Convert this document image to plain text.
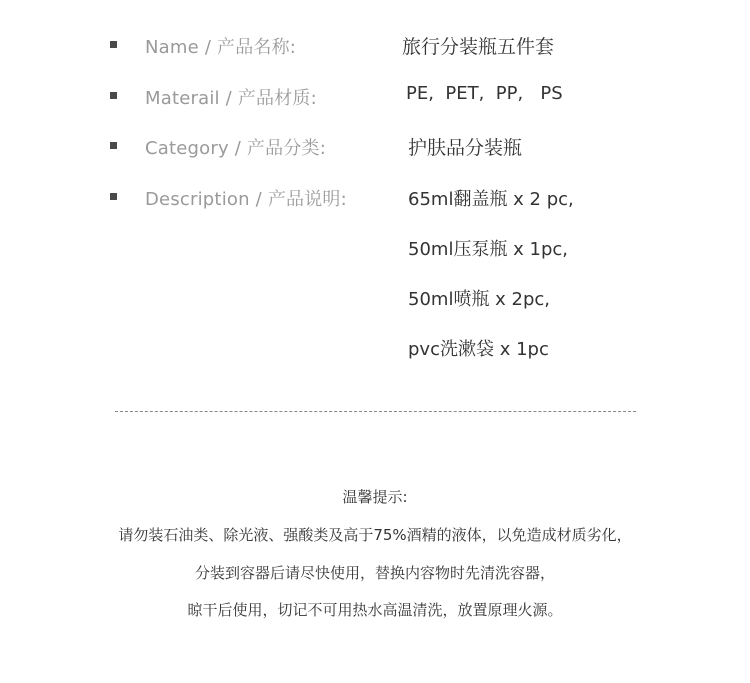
Name / 产品名称:	旅行分装瓶五件套
Materail / 产品材质:	PE,  PET,  PP,   PS
Category / 产品分类:	护肤品分装瓶
Description / 产品说明:	65ml翻盖瓶 x 2 pc,
50ml压泵瓶 x 1pc,
50ml喷瓶 x 2pc,
pvc洗漱袋 x 1pc
温馨提示:
请勿装石油类、除光液、强酸类及高于75%酒精的液体，以免造成材质劣化，
分装到容器后请尽快使用，替换内容物时先清洗容器，
晾干后使用，切记不可用热水高温清洗，放置原理火源。
